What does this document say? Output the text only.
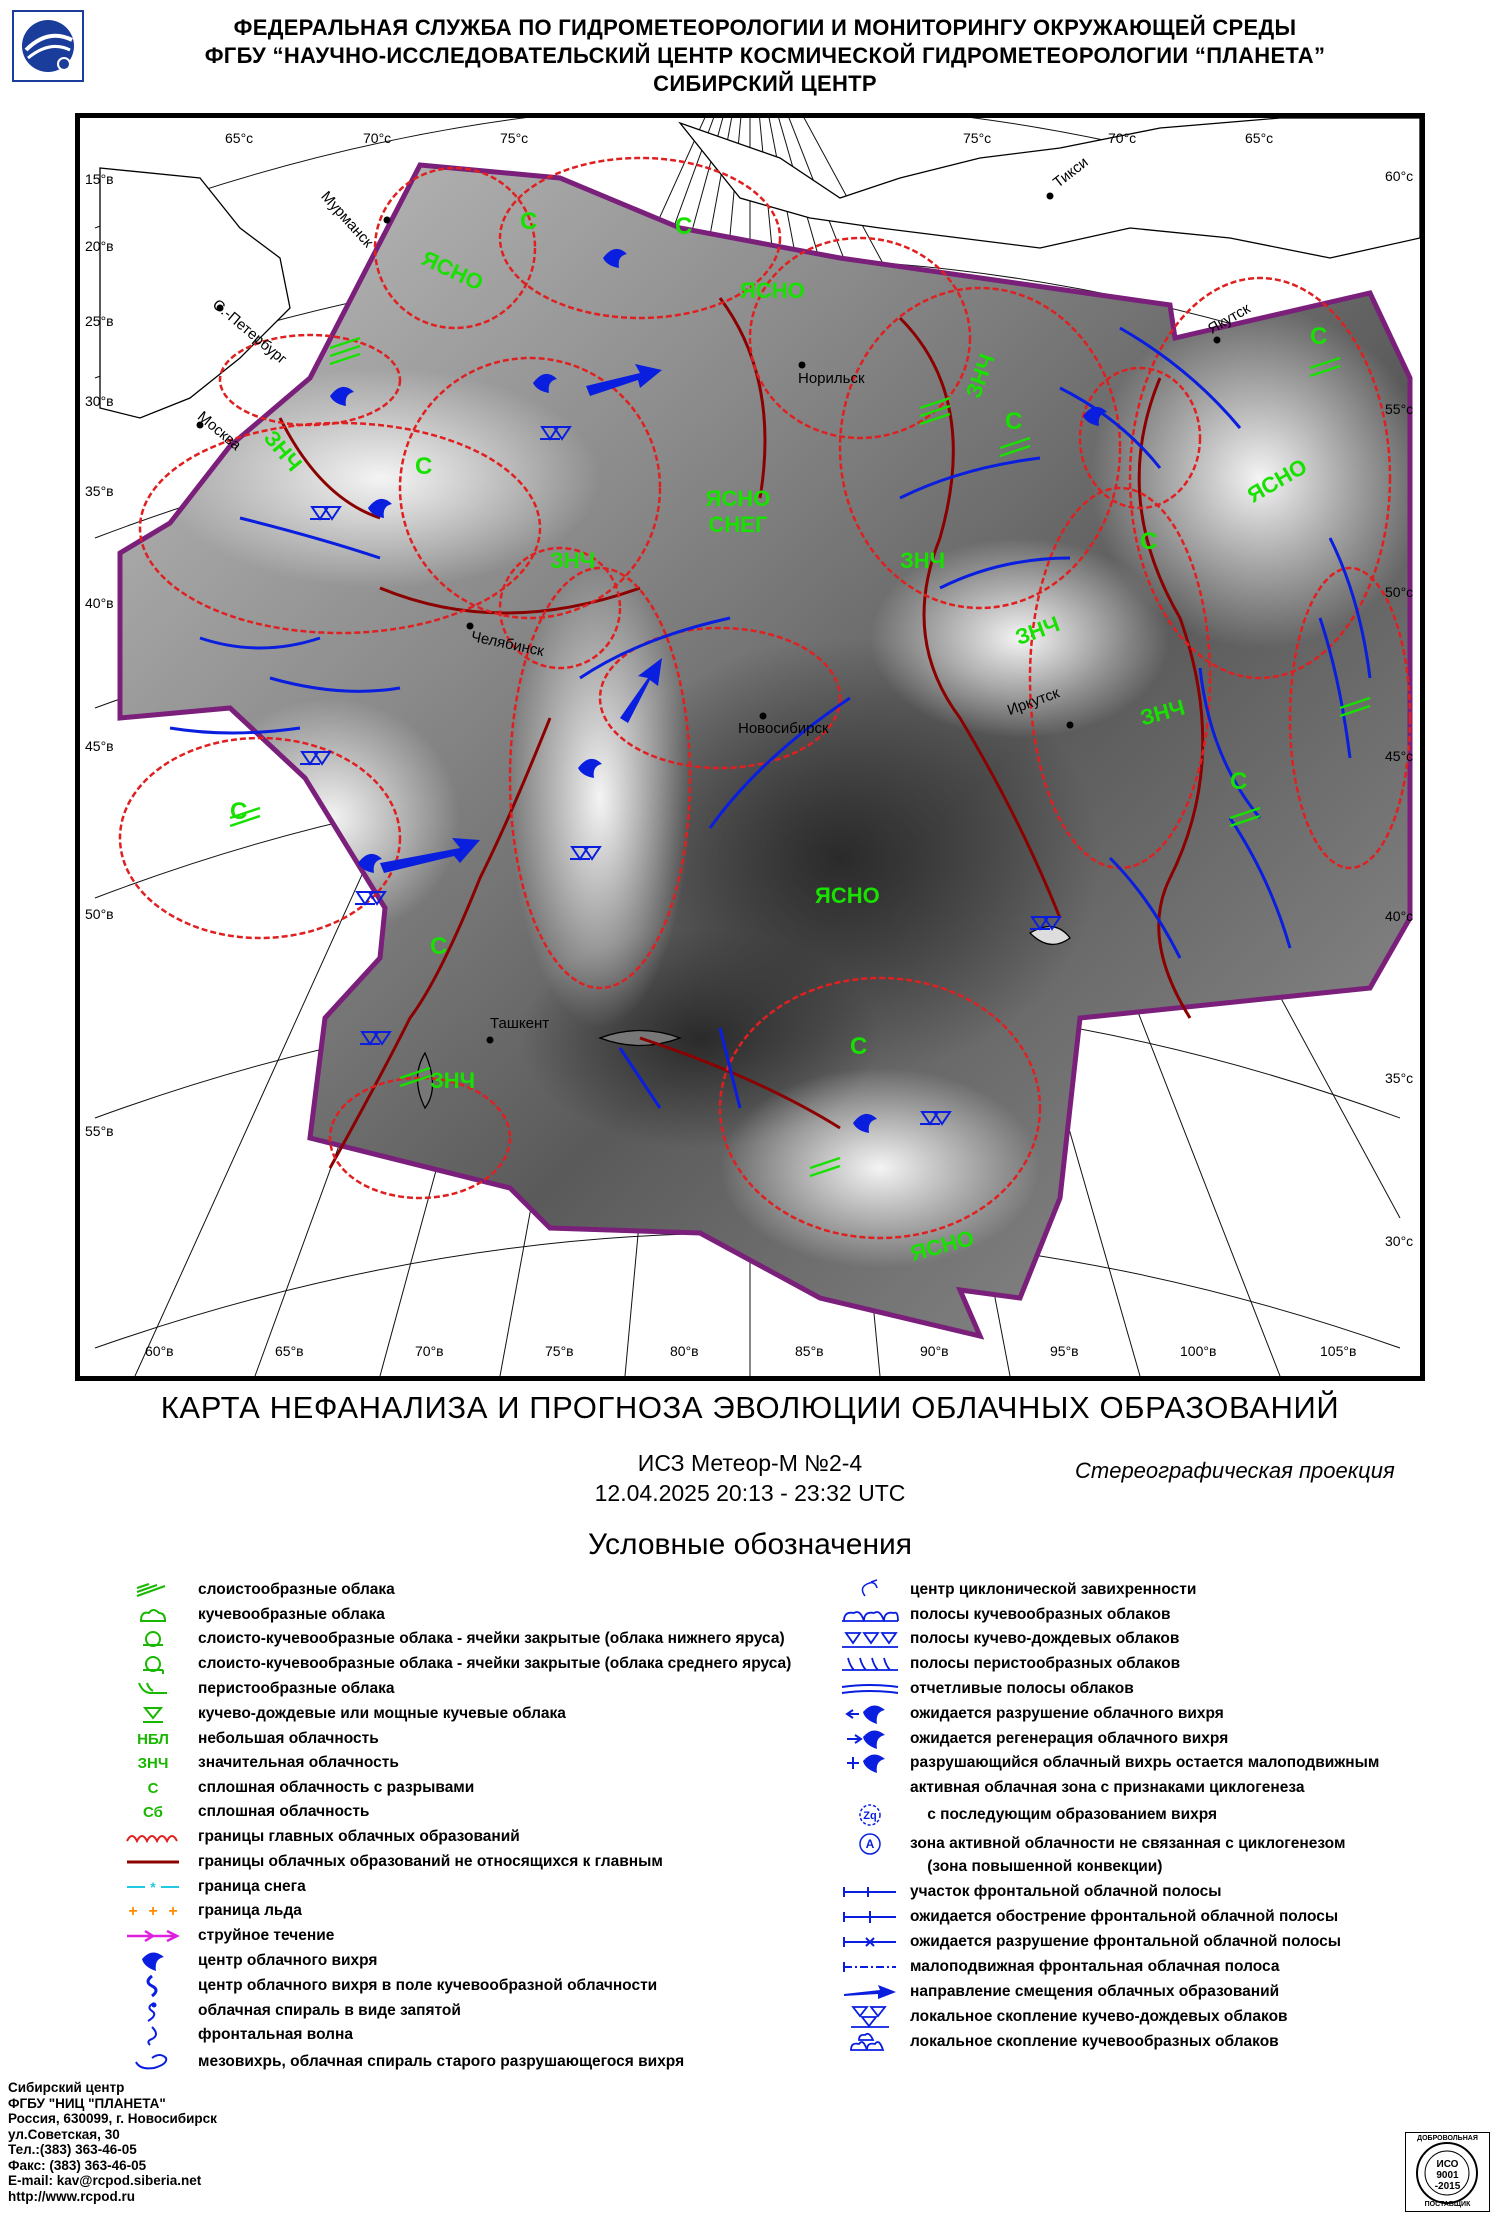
ФЕДЕРАЛЬНАЯ СЛУЖБА ПО ГИДРОМЕТЕОРОЛОГИИ И МОНИТОРИНГУ ОКРУЖАЮЩЕЙ СРЕДЫ
ФГБУ “НАУЧНО-ИССЛЕДОВАТЕЛЬСКИЙ ЦЕНТР КОСМИЧЕСКОЙ ГИДРОМЕТЕОРОЛОГИИ “ПЛАНЕТА”
СИБИРСКИЙ ЦЕНТР
65°с	70°с	75°с	75°с	70°с	65°с
15°в
20°в
25°в
30°в
35°в
40°в
45°в
50°в
55°в
60°с
55°с
50°с
45°с
40°с
35°с
30°с
60°в	65°в	70°в	75°в	80°в	85°в	90°в	95°в	100°в	105°в
Мурманск
С.-Петербург
Москва
Челябинск
Новосибирск
Иркутск
Ташкент
Норильск
Тикси
Якутск
ЯСНО
ЯСНО
ЯСНО СНЕГ
ЗНЧ
ЗНЧ
ЗНЧ
ЗНЧ
ЗНЧ
ЗНЧ
ЗНЧ
ЯСНО
ЯСНО
ЯСНО
С	С
С
С
С
С
С
С
С
С
КАРТА НЕФАНАЛИЗА И ПРОГНОЗА ЭВОЛЮЦИИ ОБЛАЧНЫХ ОБРАЗОВАНИЙ
ИСЗ Метеор-М №2-4
12.04.2025 20:13 - 23:32 UTC
Стереографическая проекция
Условные обозначения
слоистообразные облака
кучевообразные облака
слоисто-кучевообразные облака - ячейки закрытые (облака нижнего яруса)
слоисто-кучевообразные облака - ячейки закрытые (облака среднего яруса)
перистообразные облака
кучево-дождевые или мощные кучевые облака
НБЛ	небольшая облачность
ЗНЧ	значительная облачность
С	сплошная облачность с разрывами
Сб	сплошная облачность
границы главных облачных образований
границы облачных образований не относящихся к главным
*	граница снега
+ + + граница льда
струйное течение
центр облачного вихря
центр облачного вихря в поле кучевообразной облачности
облачная спираль в виде запятой
фронтальная волна
мезовихрь, облачная спираль старого разрушающегося вихря
центр циклонической завихренности
полосы кучевообразных облаков
полосы кучево-дождевых облаков
полосы перистообразных облаков
отчетливые полосы облаков
ожидается разрушение облачного вихря
ожидается регенерация облачного вихря
разрушающийся облачный вихрь остается малоподвижным
активная облачная зона с признаками циклогенеза
Zq с последующим образованием вихря
A зона активной облачности не связанная с циклогенезом
(зона повышенной конвекции)
участок фронтальной облачной полосы
ожидается обострение фронтальной облачной полосы
ожидается разрушение фронтальной облачной полосы
малоподвижная фронтальная облачная полоса
направление смещения облачных образований
локальное скопление кучево-дождевых облаков
локальное скопление кучевообразных облаков
Сибирский центр
ФГБУ "НИЦ "ПЛАНЕТА"
Россия, 630099, г. Новосибирск
ул.Советская, 30
Тел.:(383) 363-46-05
Факс: (383) 363-46-05
E-mail: kav@rcpod.siberia.net
http://www.rcpod.ru
ДОБРОВОЛЬНАЯ
ИСО
9001
-2015
ПОСТАВЩИК
